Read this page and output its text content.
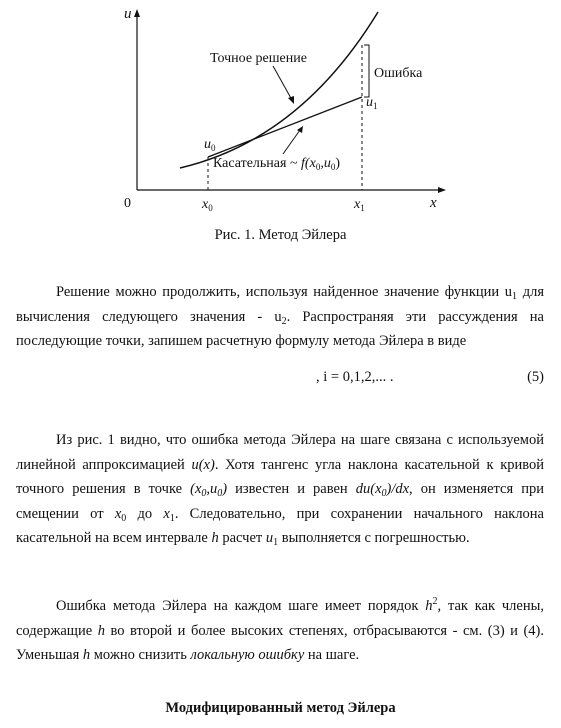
u
x
0
Точное решение
Ошибка
$u_0$
$u_1$
$x_0$	$x_1$
Касательная ~ $f(x_0,u_0)$
Рис. 1. Метод Эйлера

Решение можно продолжить, используя найденное значение функции $u_1$ для вычисления следующего значения - $u_2$. Распространяя эти рассуждения на последующие точки, запишем расчетную формулу метода Эйлера в виде

, i = 0,1,2,... .	(5)

Из рис. 1 видно, что ошибка метода Эйлера на шаге связана с используемой линейной аппроксимацией u(x). Хотя тангенс угла наклона касательной к кривой точного решения в точке $(x_0,u_0)$ известен и равен $du(x_0)/dx$, он изменяется при смещении от $x_0$ до $x_1$. Следовательно, при сохранении начального наклона касательной на всем интервале h расчет $u_1$ выполняется с погрешностью.

Ошибка метода Эйлера на каждом шаге имеет порядок $h^2$, так как члены, содержащие h во второй и более высоких степенях, отбрасываются - см. (3) и (4). Уменьшая h можно снизить локальную ошибку на шаге.

Модифицированный метод Эйлера
